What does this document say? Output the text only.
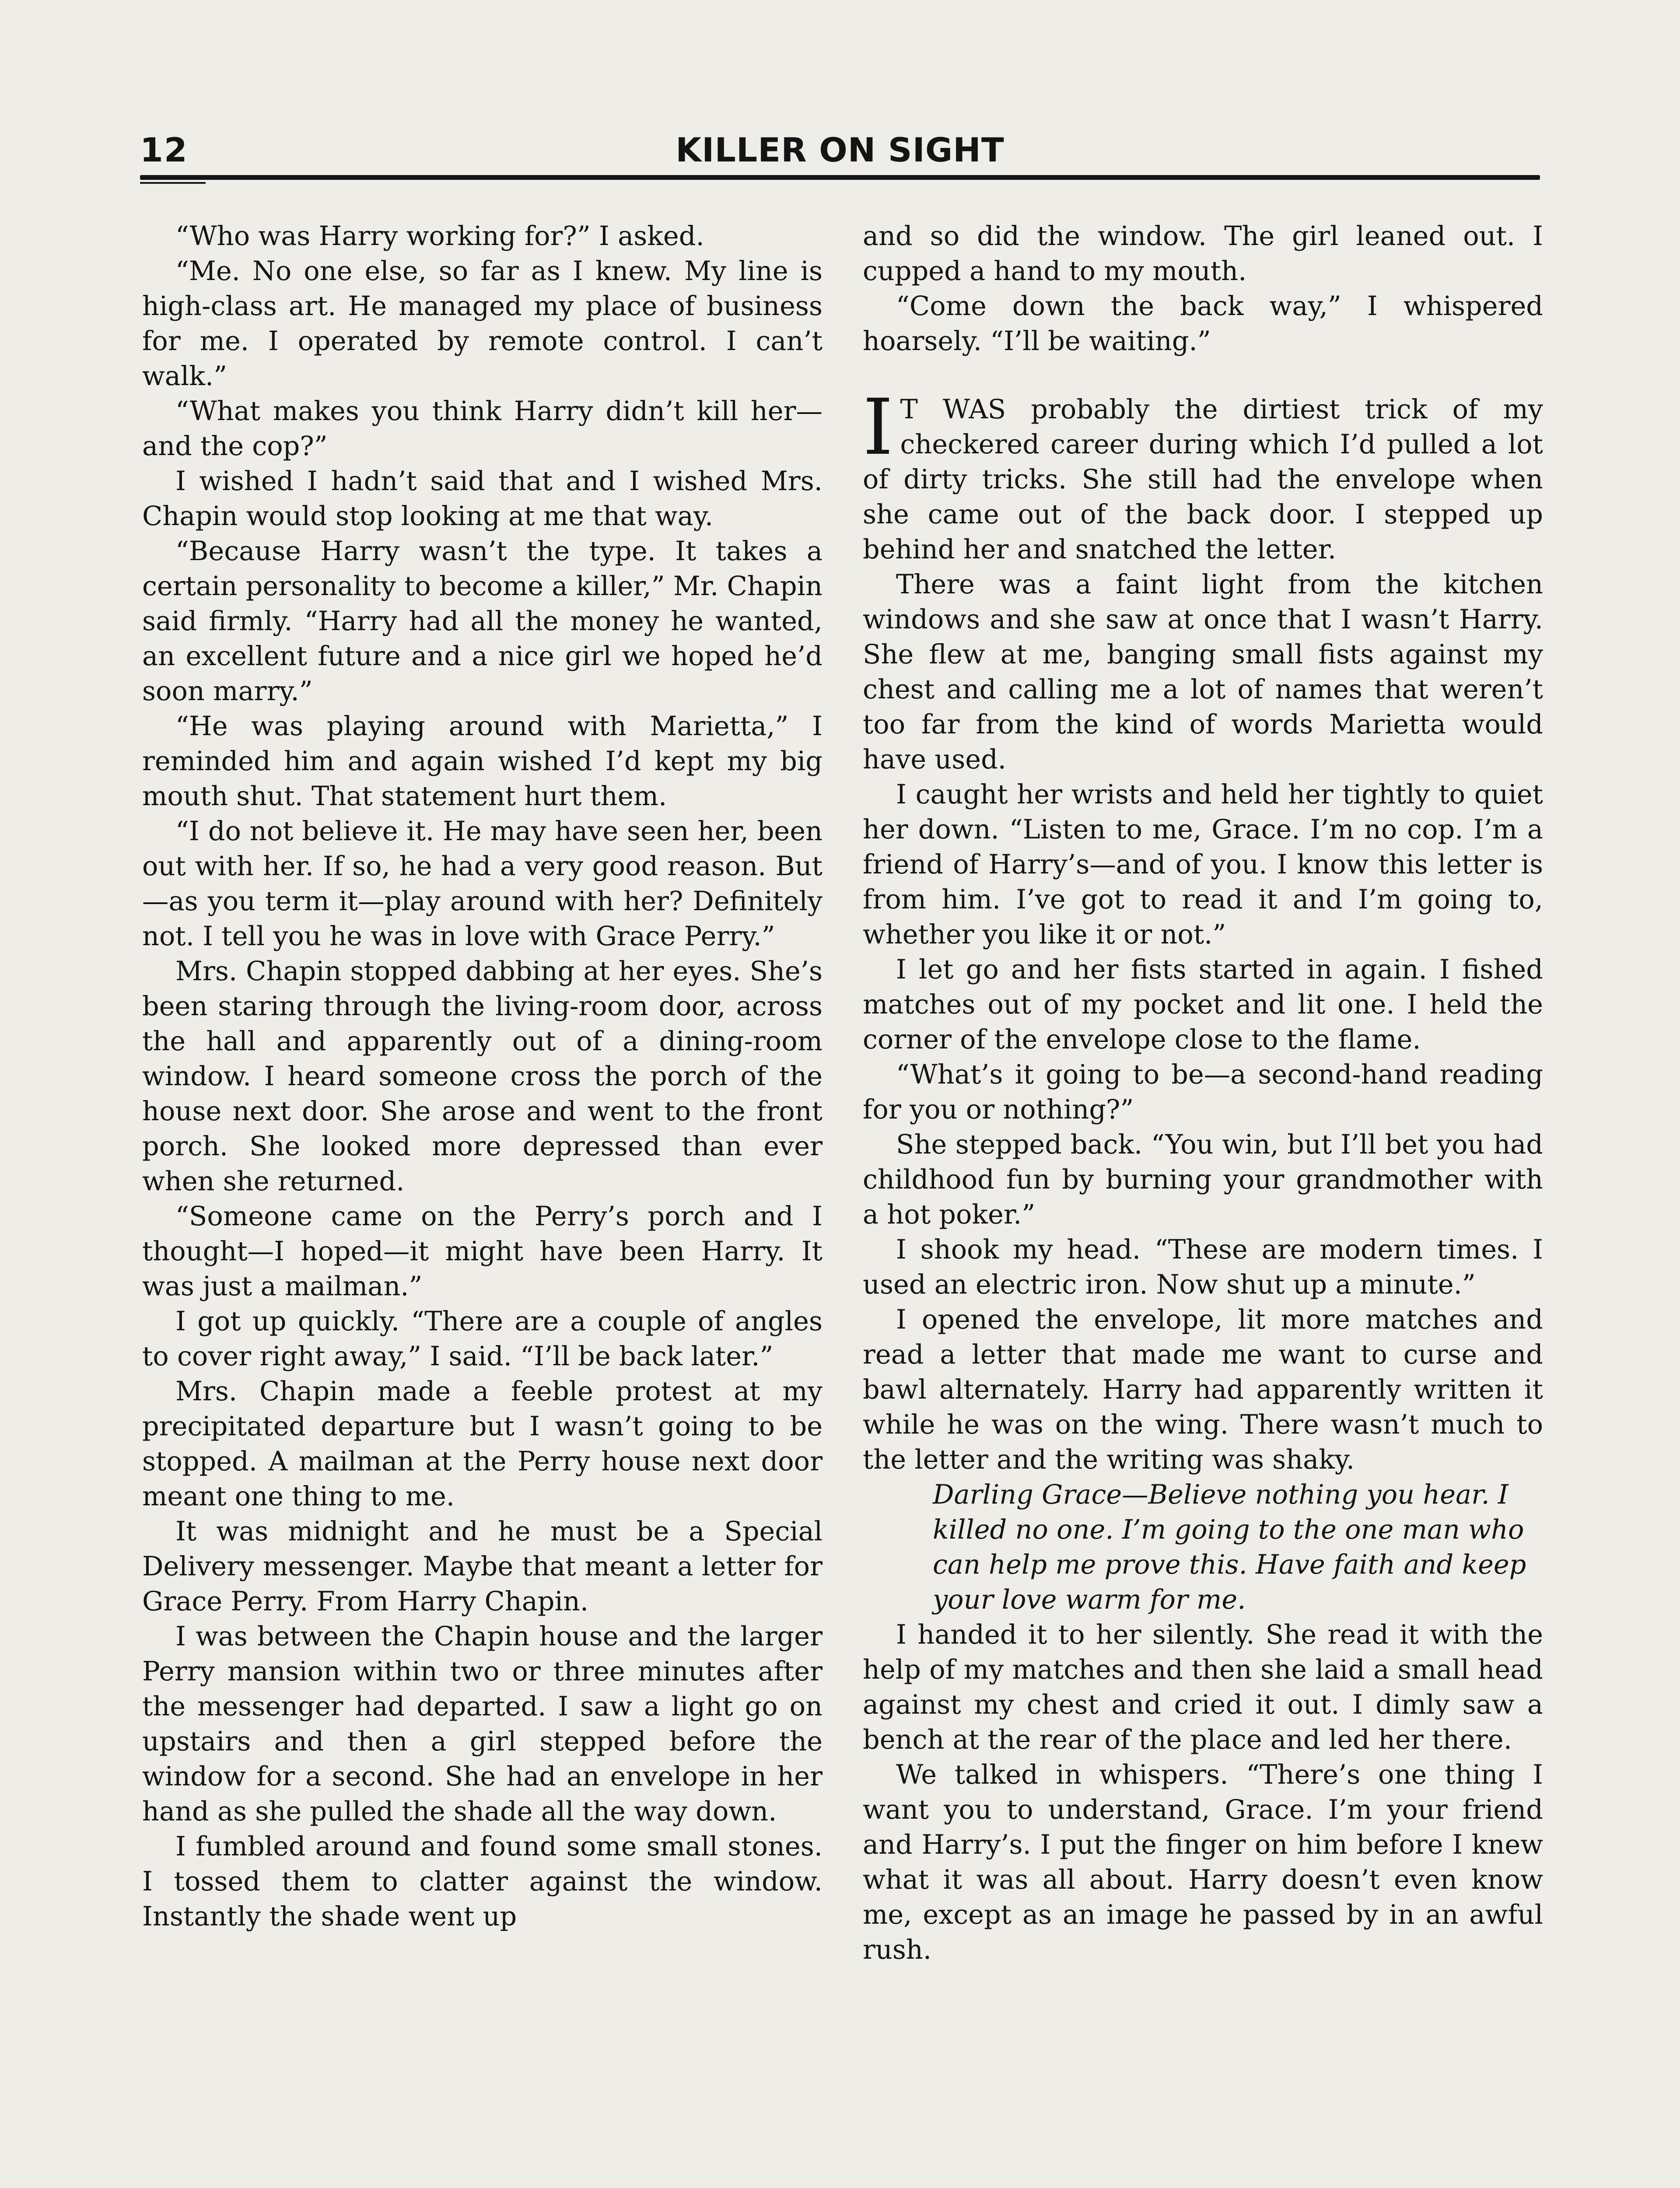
12	KILLER ON SIGHT

“Who was Harry working for?” I asked.

“Me. No one else, so far as I knew. My line is high-class art. He managed my place of business for me. I operated by remote control. I can’t walk.”

“What makes you think Harry didn’t kill her—and the cop?”

I wished I hadn’t said that and I wished Mrs. Chapin would stop looking at me that way.

“Because Harry wasn’t the type. It takes a certain personality to become a killer,” Mr. Chapin said firmly. “Harry had all the money he wanted, an excellent future and a nice girl we hoped he’d soon marry.”

“He was playing around with Marietta,” I reminded him and again wished I’d kept my big mouth shut. That statement hurt them.

“I do not believe it. He may have seen her, been out with her. If so, he had a very good reason. But—as you term it—play around with her? Definitely not. I tell you he was in love with Grace Perry.”

Mrs. Chapin stopped dabbing at her eyes. She’s been staring through the living-room door, across the hall and apparently out of a dining-room window. I heard someone cross the porch of the house next door. She arose and went to the front porch. She looked more depressed than ever when she returned.

“Someone came on the Perry’s porch and I thought—I hoped—it might have been Harry. It was just a mailman.”

I got up quickly. “There are a couple of angles to cover right away,” I said. “I’ll be back later.”

Mrs. Chapin made a feeble protest at my precipitated departure but I wasn’t going to be stopped. A mailman at the Perry house next door meant one thing to me.

It was midnight and he must be a Special Delivery messenger. Maybe that meant a letter for Grace Perry. From Harry Chapin.

I was between the Chapin house and the larger Perry mansion within two or three minutes after the messenger had departed. I saw a light go on upstairs and then a girl stepped before the window for a second. She had an envelope in her hand as she pulled the shade all the way down.

I fumbled around and found some small stones. I tossed them to clatter against the window. Instantly the shade went up

and so did the window. The girl leaned out. I cupped a hand to my mouth.

“Come down the back way,” I whispered hoarsely. “I’ll be waiting.”

I T WAS probably the dirtiest trick of my checkered career during which I’d pulled a lot of dirty tricks. She still had the envelope when she came out of the back door. I stepped up behind her and snatched the letter.

There was a faint light from the kitchen windows and she saw at once that I wasn’t Harry. She flew at me, banging small fists against my chest and calling me a lot of names that weren’t too far from the kind of words Marietta would have used.

I caught her wrists and held her tightly to quiet her down. “Listen to me, Grace. I’m no cop. I’m a friend of Harry’s—and of you. I know this letter is from him. I’ve got to read it and I’m going to, whether you like it or not.”

I let go and her fists started in again. I fished matches out of my pocket and lit one. I held the corner of the envelope close to the flame.

“What’s it going to be—a second-hand reading for you or nothing?”

She stepped back. “You win, but I’ll bet you had childhood fun by burning your grandmother with a hot poker.”

I shook my head. “These are modern times. I used an electric iron. Now shut up a minute.”

I opened the envelope, lit more matches and read a letter that made me want to curse and bawl alternately. Harry had apparently written it while he was on the wing. There wasn’t much to the letter and the writing was shaky.

Darling Grace—Believe nothing you hear. I killed no one. I’m going to the one man who can help me prove this. Have faith and keep your love warm for me.

I handed it to her silently. She read it with the help of my matches and then she laid a small head against my chest and cried it out. I dimly saw a bench at the rear of the place and led her there.

We talked in whispers. “There’s one thing I want you to understand, Grace. I’m your friend and Harry’s. I put the finger on him before I knew what it was all about. Harry doesn’t even know me, except as an image he passed by in an awful rush.
